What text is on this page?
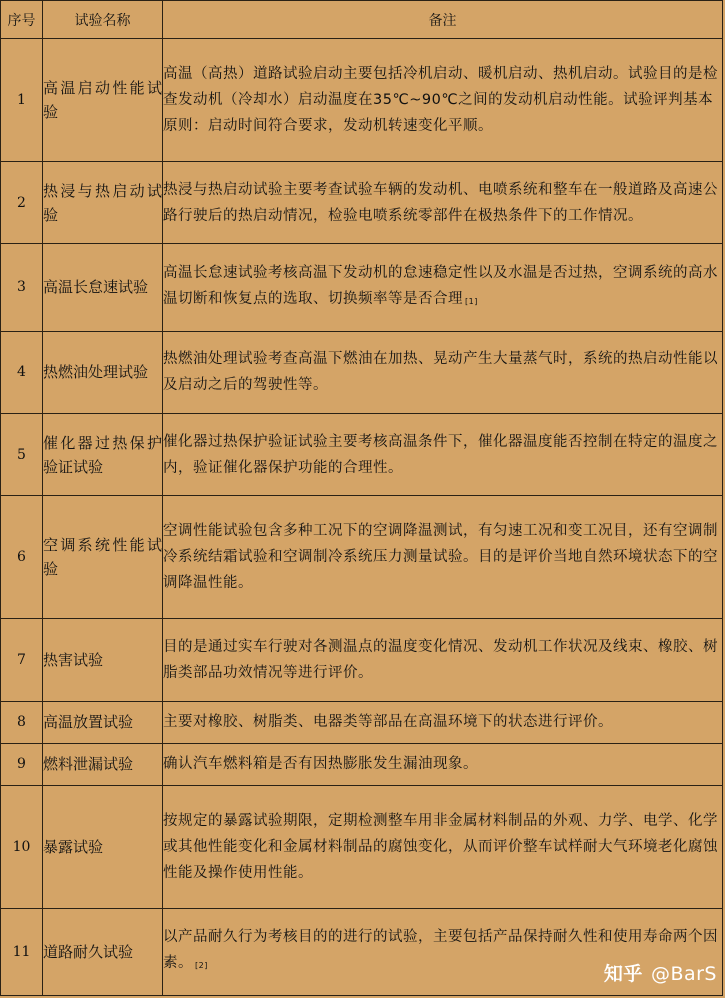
序号	试验名称	备注
1	高温启动性能试验	高温（高热）道路试验启动主要包括冷机启动、暖机启动、热机启动。试验目的是检查发动机（冷却水）启动温度在35℃~90℃之间的发动机启动性能。试验评判基本原则：启动时间符合要求，发动机转速变化平顺。
2	热浸与热启动试验	热浸与热启动试验主要考查试验车辆的发动机、电喷系统和整车在一般道路及高速公路行驶后的热启动情况，检验电喷系统零部件在极热条件下的工作情况。
3	高温长怠速试验	高温长怠速试验考核高温下发动机的怠速稳定性以及水温是否过热，空调系统的高水温切断和恢复点的选取、切换频率等是否合理 [1]
4	热燃油处理试验	热燃油处理试验考查高温下燃油在加热、晃动产生大量蒸气时，系统的热启动性能以及启动之后的驾驶性等。
5	催化器过热保护验证试验	催化器过热保护验证试验主要考核高温条件下，催化器温度能否控制在特定的温度之内，验证催化器保护功能的合理性。
6	空调系统性能试验	空调性能试验包含多种工况下的空调降温测试，有匀速工况和变工况目，还有空调制冷系统结霜试验和空调制冷系统压力测量试验。目的是评价当地自然环境状态下的空调降温性能。
7	热害试验	目的是通过实车行驶对各测温点的温度变化情况、发动机工作状况及线束、橡胶、树脂类部品功效情况等进行评价。
8	高温放置试验	主要对橡胶、树脂类、电器类等部品在高温环境下的状态进行评价。
9	燃料泄漏试验	确认汽车燃料箱是否有因热膨胀发生漏油现象。
10	暴露试验	按规定的暴露试验期限，定期检测整车用非金属材料制品的外观、力学、电学、化学或其他性能变化和金属材料制品的腐蚀变化，从而评价整车试样耐大气环境老化腐蚀性能及操作使用性能。
11	道路耐久试验	以产品耐久行为考核目的的进行的试验，主要包括产品保持耐久性和使用寿命两个因素。 [2]	知乎 @BarS
